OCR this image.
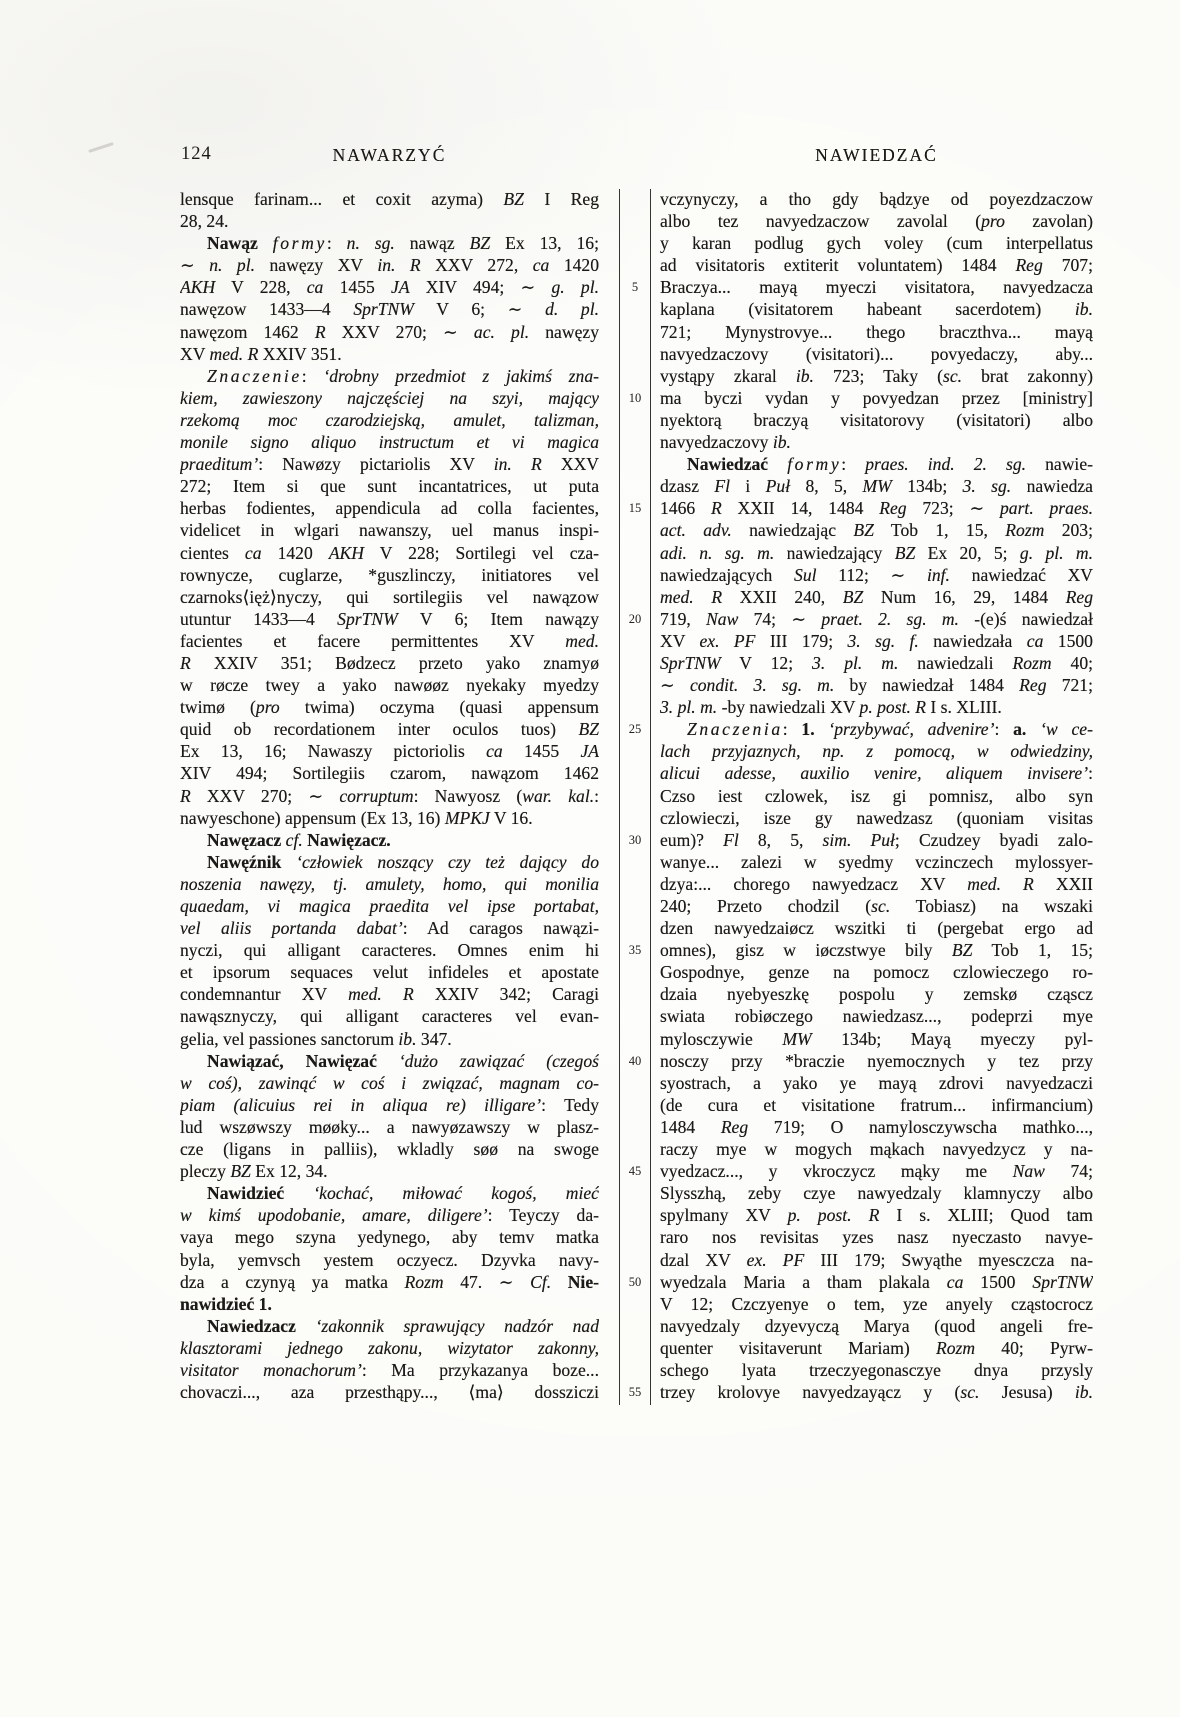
124	NAWARZYĆ	NAWIEDZAĆ
lensque farinam... et coxit azyma) BZ I Reg
28, 24.
Nawąz formy: n. sg. nawąz BZ Ex 13, 16;
∼ n. pl. nawęzy XV in. R XXV 272, ca 1420
AKH V 228, ca 1455 JA XIV 494; ∼ g. pl.
nawęzow 1433—4 SprTNW V 6; ∼ d. pl.
nawęzom 1462 R XXV 270; ∼ ac. pl. nawęzy
XV med. R XXIV 351.
Znaczenie: ‘drobny przedmiot z jakimś zna-
kiem, zawieszony najczęściej na szyi, mający
rzekomą moc czarodziejską, amulet, talizman,
monile signo aliquo instructum et vi magica
praeditum’: Nawøzy pictariolis XV in. R XXV
272; Item si que sunt incantatrices, ut puta
herbas fodientes, appendicula ad colla facientes,
videlicet in wlgari nawanszy, uel manus inspi-
cientes ca 1420 AKH V 228; Sortilegi vel cza-
rownycze, cuglarze, *guszlinczy, initiatores vel
czarnoks⟨ięż⟩nyczy, qui sortilegiis vel nawązow
utuntur 1433—4 SprTNW V 6; Item nawązy
facientes et facere permittentes XV med.
R XXIV 351; Bødzecz przeto yako znamyø
w røcze twey a yako nawøøz nyekaky myedzy
twimø (pro twima) oczyma (quasi appensum
quid ob recordationem inter oculos tuos) BZ
Ex 13, 16; Nawaszy pictoriolis ca 1455 JA
XIV 494; Sortilegiis czarom, nawązom 1462
R XXV 270; ∼ corruptum: Nawyosz (war. kal.:
nawyeschone) appensum (Ex 13, 16) MPKJ V 16.
Nawęzacz cf. Nawięzacz.
Nawęźnik ‘człowiek noszący czy też dający do
noszenia nawęzy, tj. amulety, homo, qui monilia
quaedam, vi magica praedita vel ipse portabat,
vel aliis portanda dabat’: Ad caragos nawązi-
nyczi, qui alligant caracteres. Omnes enim hi
et ipsorum sequaces velut infideles et apostate
condemnantur XV med. R XXIV 342; Caragi
nawąsznyczy, qui alligant caracteres vel evan-
gelia, vel passiones sanctorum ib. 347.
Nawiązać, Nawięzać ‘dużo zawiązać (czegoś
w coś), zawinąć w coś i związać, magnam co-
piam (alicuius rei in aliqua re) illigare’: Tedy
lud wszøwszy møøky... a nawyøzawszy w plasz-
cze (ligans in palliis), wkladly søø na swoge
pleczy BZ Ex 12, 34.
Nawidzieć ‘kochać, miłować kogoś, mieć
w kimś upodobanie, amare, diligere’: Teyczy da-
vaya mego szyna yedynego, aby temv matka
byla, yemvsch yestem oczyecz. Dzyvka navy-
dza a czynyą ya matka Rozm 47. ∼ Cf. Nie-
nawidzieć 1.
Nawiedzacz ‘zakonnik sprawujący nadzór nad
klasztorami jednego zakonu, wizytator zakonny,
visitator monachorum’: Ma przykazanya boze...
chovaczi..., aza przesthąpy..., ⟨ma⟩ dossziczi
5
10
15
20
25
30
35
40
45
50
55
vczynyczy, a tho gdy bądzye od poyezdzaczow
albo tez navyedzaczow zavolal (pro zavolan)
y karan podlug gych voley (cum interpellatus
ad visitatoris extiterit voluntatem) 1484 Reg 707;
Braczya... mayą myeczi visitatora, navyedzacza
kaplana (visitatorem habeant sacerdotem) ib.
721; Mynystrovye... thego braczthva... mayą
navyedzaczovy (visitatori)... povyedaczy, aby...
vystąpy zkaral ib. 723; Taky (sc. brat zakonny)
ma byczi vydan y povyedzan przez [ministry]
nyektorą braczyą visitatorovy (visitatori) albo
navyedzaczovy ib.
Nawiedzać formy: praes. ind. 2. sg. nawie-
dzasz Fl i Puł 8, 5, MW 134b; 3. sg. nawiedza
1466 R XXII 14, 1484 Reg 723; ∼ part. praes.
act. adv. nawiedzając BZ Tob 1, 15, Rozm 203;
adi. n. sg. m. nawiedzający BZ Ex 20, 5; g. pl. m.
nawiedzających Sul 112; ∼ inf. nawiedzać XV
med. R XXII 240, BZ Num 16, 29, 1484 Reg
719, Naw 74; ∼ praet. 2. sg. m. -(e)ś nawiedzał
XV ex. PF III 179; 3. sg. f. nawiedzała ca 1500
SprTNW V 12; 3. pl. m. nawiedzali Rozm 40;
∼ condit. 3. sg. m. by nawiedzał 1484 Reg 721;
3. pl. m. -by nawiedzali XV p. post. R I s. XLIII.
Znaczenia: 1. ‘przybywać, advenire’: a. ‘w ce-
lach przyjaznych, np. z pomocą, w odwiedziny,
alicui adesse, auxilio venire, aliquem invisere’:
Czso iest czlowek, isz gi pomnisz, albo syn
czlowieczi, isze gy nawedzasz (quoniam visitas
eum)? Fl 8, 5, sim. Puł; Czudzey byadi zalo-
wanye... zalezi w syedmy vczinczech mylossyer-
dzya:... chorego nawyedzacz XV med. R XXII
240; Przeto chodzil (sc. Tobiasz) na wszaki
dzen nawyedzaiøcz wszitki ti (pergebat ergo ad
omnes), gisz w iøczstwye bily BZ Tob 1, 15;
Gospodnye, genze na pomocz czlowieczego ro-
dzaia nyebyeszkę pospolu y zemskø cząscz
swiata robiøczego nawiedzasz..., podeprzi mye
mylosczywie MW 134b; Mayą myeczy pyl-
nosczy przy *braczie nyemocznych y tez przy
syostrach, a yako ye mayą zdrovi navyedzaczi
(de cura et visitatione fratrum... infirmancium)
1484 Reg 719; O namylosczywscha mathko...,
raczy mye w mogych mąkach navyedzycz y na-
vyedzacz..., y vkroczycz mąky me Naw 74;
Slysszhą, zeby czye nawyedzaly klamnyczy albo
spylmany XV p. post. R I s. XLIII; Quod tam
raro nos revisitas yzes nasz nyeczasto navye-
dzal XV ex. PF III 179; Swyąthe myesczcza na-
wyedzala Maria a tham plakala ca 1500 SprTNW
V 12; Czczyenye o tem, yze anyely cząstocrocz
navyedzaly dzyevyczą Marya (quod angeli fre-
quenter visitaverunt Mariam) Rozm 40; Pyrw-
schego lyata trzeczyegonasczye dnya przysly
trzey krolovye navyedzayącz y (sc. Jesusa) ib.
